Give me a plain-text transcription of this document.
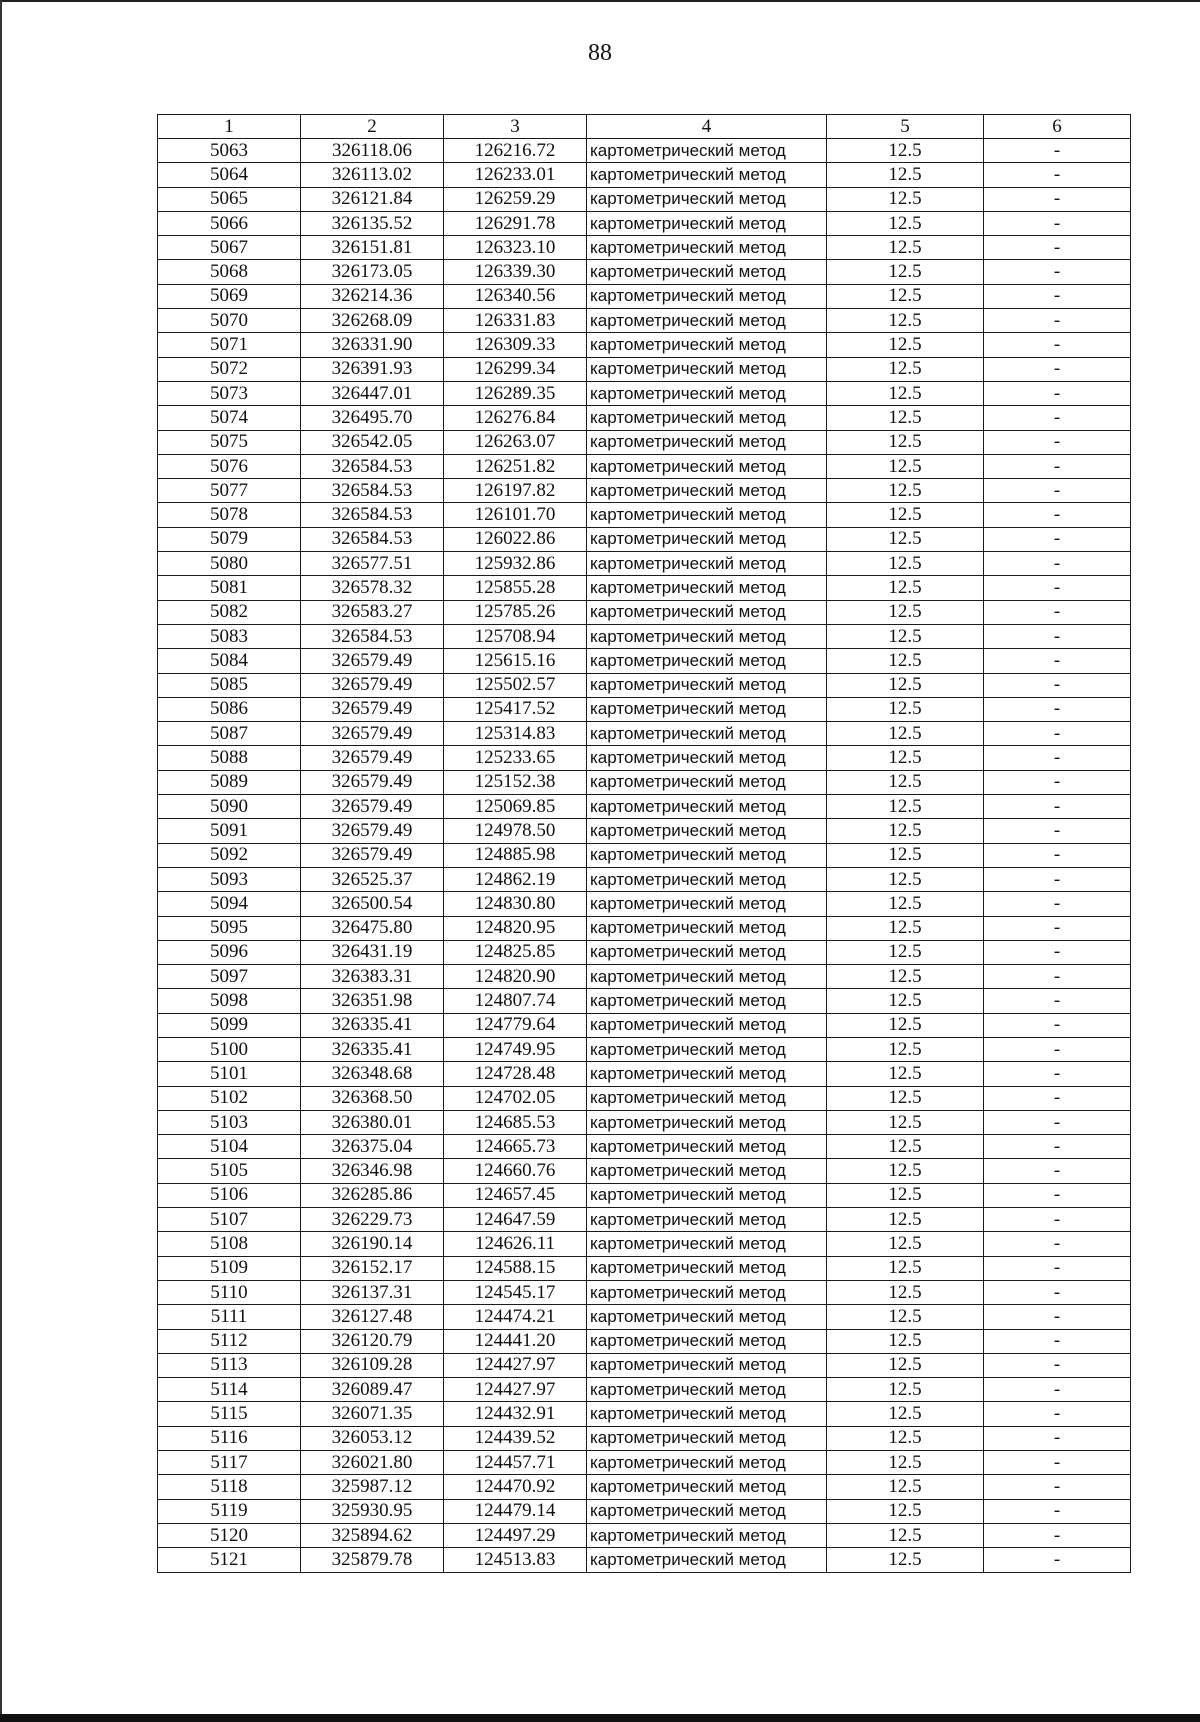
88
1	2	3	4	5	6
5063	326118.06	126216.72	картометрический метод	12.5	-
5064	326113.02	126233.01	картометрический метод	12.5	-
5065	326121.84	126259.29	картометрический метод	12.5	-
5066	326135.52	126291.78	картометрический метод	12.5	-
5067	326151.81	126323.10	картометрический метод	12.5	-
5068	326173.05	126339.30	картометрический метод	12.5	-
5069	326214.36	126340.56	картометрический метод	12.5	-
5070	326268.09	126331.83	картометрический метод	12.5	-
5071	326331.90	126309.33	картометрический метод	12.5	-
5072	326391.93	126299.34	картометрический метод	12.5	-
5073	326447.01	126289.35	картометрический метод	12.5	-
5074	326495.70	126276.84	картометрический метод	12.5	-
5075	326542.05	126263.07	картометрический метод	12.5	-
5076	326584.53	126251.82	картометрический метод	12.5	-
5077	326584.53	126197.82	картометрический метод	12.5	-
5078	326584.53	126101.70	картометрический метод	12.5	-
5079	326584.53	126022.86	картометрический метод	12.5	-
5080	326577.51	125932.86	картометрический метод	12.5	-
5081	326578.32	125855.28	картометрический метод	12.5	-
5082	326583.27	125785.26	картометрический метод	12.5	-
5083	326584.53	125708.94	картометрический метод	12.5	-
5084	326579.49	125615.16	картометрический метод	12.5	-
5085	326579.49	125502.57	картометрический метод	12.5	-
5086	326579.49	125417.52	картометрический метод	12.5	-
5087	326579.49	125314.83	картометрический метод	12.5	-
5088	326579.49	125233.65	картометрический метод	12.5	-
5089	326579.49	125152.38	картометрический метод	12.5	-
5090	326579.49	125069.85	картометрический метод	12.5	-
5091	326579.49	124978.50	картометрический метод	12.5	-
5092	326579.49	124885.98	картометрический метод	12.5	-
5093	326525.37	124862.19	картометрический метод	12.5	-
5094	326500.54	124830.80	картометрический метод	12.5	-
5095	326475.80	124820.95	картометрический метод	12.5	-
5096	326431.19	124825.85	картометрический метод	12.5	-
5097	326383.31	124820.90	картометрический метод	12.5	-
5098	326351.98	124807.74	картометрический метод	12.5	-
5099	326335.41	124779.64	картометрический метод	12.5	-
5100	326335.41	124749.95	картометрический метод	12.5	-
5101	326348.68	124728.48	картометрический метод	12.5	-
5102	326368.50	124702.05	картометрический метод	12.5	-
5103	326380.01	124685.53	картометрический метод	12.5	-
5104	326375.04	124665.73	картометрический метод	12.5	-
5105	326346.98	124660.76	картометрический метод	12.5	-
5106	326285.86	124657.45	картометрический метод	12.5	-
5107	326229.73	124647.59	картометрический метод	12.5	-
5108	326190.14	124626.11	картометрический метод	12.5	-
5109	326152.17	124588.15	картометрический метод	12.5	-
5110	326137.31	124545.17	картометрический метод	12.5	-
5111	326127.48	124474.21	картометрический метод	12.5	-
5112	326120.79	124441.20	картометрический метод	12.5	-
5113	326109.28	124427.97	картометрический метод	12.5	-
5114	326089.47	124427.97	картометрический метод	12.5	-
5115	326071.35	124432.91	картометрический метод	12.5	-
5116	326053.12	124439.52	картометрический метод	12.5	-
5117	326021.80	124457.71	картометрический метод	12.5	-
5118	325987.12	124470.92	картометрический метод	12.5	-
5119	325930.95	124479.14	картометрический метод	12.5	-
5120	325894.62	124497.29	картометрический метод	12.5	-
5121	325879.78	124513.83	картометрический метод	12.5	-
